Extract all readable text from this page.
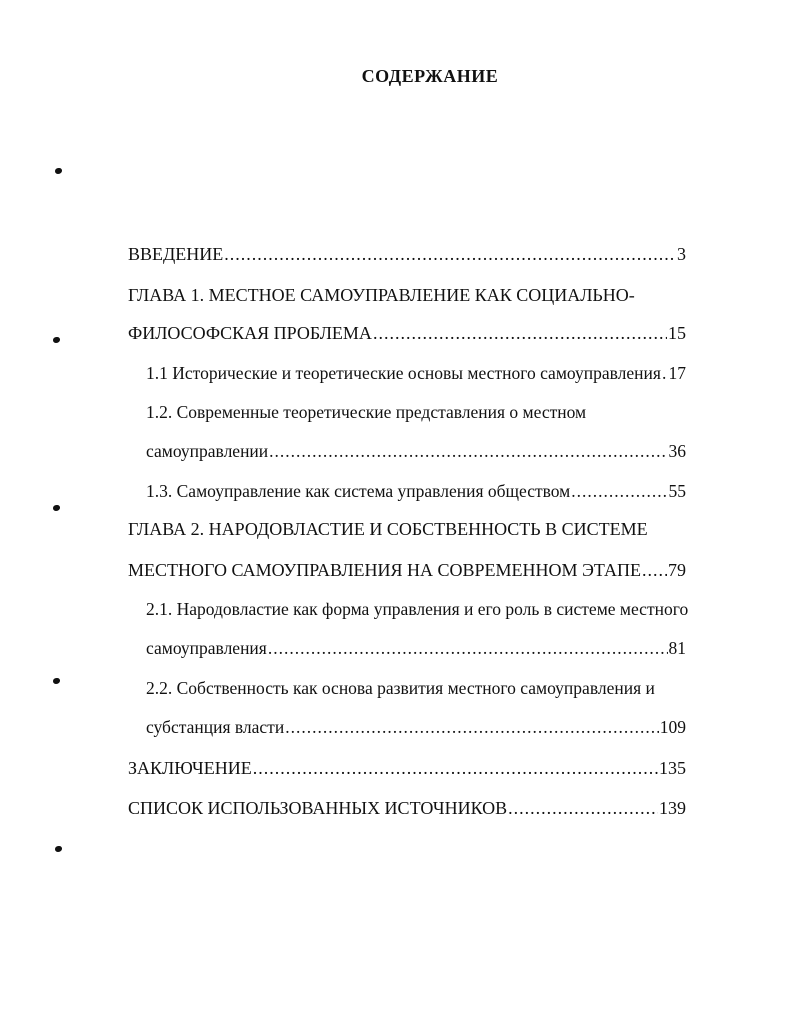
СОДЕРЖАНИЕ
ВВЕДЕНИЕ .....	3
ГЛАВА 1. МЕСТНОЕ САМОУПРАВЛЕНИЕ КАК СОЦИАЛЬНО-
ФИЛОСОФСКАЯ ПРОБЛЕМА .....	15
1.1 Исторические и теоретические основы местного самоуправления ..... 17
1.2. Современные теоретические представления о местном
самоуправлении .....	36
1.3. Самоуправление как система управления обществом .....	55
ГЛАВА 2. НАРОДОВЛАСТИЕ И СОБСТВЕННОСТЬ В СИСТЕМЕ
МЕСТНОГО САМОУПРАВЛЕНИЯ НА СОВРЕМЕННОМ ЭТАПЕ ..... 79
2.1. Народовластие как форма управления и его роль в системе местного
самоуправления .....	81
2.2. Собственность как основа развития местного самоуправления и
субстанция власти .....	109
ЗАКЛЮЧЕНИЕ .....	135
СПИСОК ИСПОЛЬЗОВАННЫХ ИСТОЧНИКОВ .....	139
